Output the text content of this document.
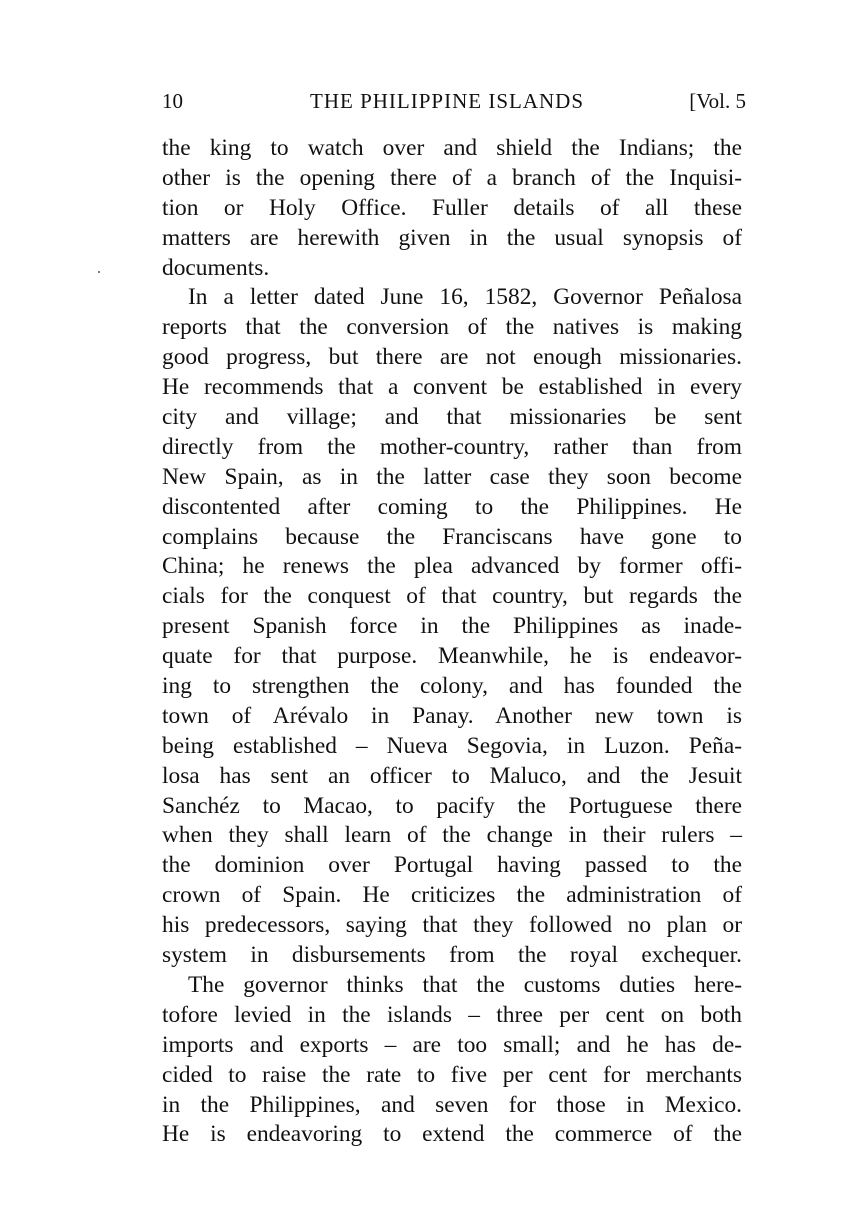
10	THE PHILIPPINE ISLANDS	[Vol. 5

the king to watch over and shield the Indians; the
other is the opening there of a branch of the Inquisi-
tion or Holy Office. Fuller details of all these
matters are herewith given in the usual synopsis of
documents.

In a letter dated June 16, 1582, Governor Peñalosa
reports that the conversion of the natives is making
good progress, but there are not enough missionaries.
He recommends that a convent be established in every
city and village; and that missionaries be sent
directly from the mother-country, rather than from
New Spain, as in the latter case they soon become
discontented after coming to the Philippines. He
complains because the Franciscans have gone to
China; he renews the plea advanced by former offi-
cials for the conquest of that country, but regards the
present Spanish force in the Philippines as inade-
quate for that purpose. Meanwhile, he is endeavor-
ing to strengthen the colony, and has founded the
town of Arévalo in Panay. Another new town is
being established – Nueva Segovia, in Luzon. Peña-
losa has sent an officer to Maluco, and the Jesuit
Sanchéz to Macao, to pacify the Portuguese there
when they shall learn of the change in their rulers –
the dominion over Portugal having passed to the
crown of Spain. He criticizes the administration of
his predecessors, saying that they followed no plan or
system in disbursements from the royal exchequer.

The governor thinks that the customs duties here-
tofore levied in the islands – three per cent on both
imports and exports – are too small; and he has de-
cided to raise the rate to five per cent for merchants
in the Philippines, and seven for those in Mexico.
He is endeavoring to extend the commerce of the
